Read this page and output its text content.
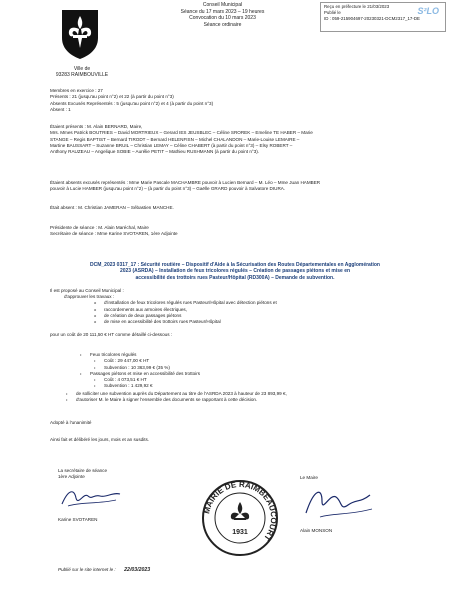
Conseil Municipal
Séance du 17 mars 2023 – 19 heures
Convocation du 10 mars 2023
Séance ordinaire
Reçu en préfecture le 21/03/2023
Publié le
ID : 059-215904697-20230321-DCM2317_17-DE
S²LO
Ville de
93283 RAIMBOUVILLE
Membres en exercice : 27
Présents : 21 (jusqu'au point n°2) et 22 (à partir du point n°3)
Absents Excusés Représentés : 5 (jusqu'au point n°2) et 4 (à partir du point n°3)
Absent : 1
Étaient présents : M. Alain BERNARD, Maire,
Mrs. Mmes Patrick BOUTRIES – David MORTRIEUX – Gerard IES JEUSBLEC – Céline SROREK – Emeline TE HABER – Marie
STANGE – Regis BAPTIST – Bernard TIRODT – Bernard HELENFISN – Michel CHALANDON – Marie-Louise LEMAIRE –
Martine BAUSSART – Suzanne BRUIL – Christian LEMAY – Céline CHABERT (à partir du point n°3) – Elsy ROBERT –
Anthony RAUZEAU – Angelique SOBIE – Aurélie PETIT – Mathieu RUSHMANN (à partir du point n°3).
Étaient absents excusés représentés : Mme Marie Pascale MACHAMBRE pouvoir à Lucien Bernard – M. Léo – Mme Juan HAMBER
pouvoir à Lucie HAMBER (jusqu'au point n°2) – (à partir du point n°3) – Gaëlle GRARD pouvoir à Salvatore DIURA.
Était absent : M. Christian JAMERAN – Sébastien MANCHE.
Présidente de séance : M. Alain Maréchal, Maire
Secrétaire de séance : Mme Karine SVOTAREN, 1ère Adjointe
DCM_2023 0317_17 : Sécurité routière – Dispositif d'Aide à la Sécurisation des Routes Départementales en Agglomération
2023 (ASRDA) – Installation de feux tricolores régulés – Création de passages piétons et mise en
accessibilité des trottoirs rues Pasteur/Hôpital (RD300A) – Demande de subvention.
Il est proposé au Conseil Municipal :
d'approuver les travaux :
o d'installation de feux tricolores régulés rues Pasteur/Hôpital avec détection piétons et
o raccordements aux armoires électriques,
o de création de deux passages piétons
o de mise en accessibilité des trottoirs rues Pasteur/Hôpital
pour un coût de 20 111,50 € HT comme détaillé ci-dessous :
• Feux tricolores régulés
• Coût : 29 447,00 € HT
• Subvention : 10 363,99 € (35 %)
• Passages piétons et mise en accessibilité des trottoirs
• Coût : 4 073,51 € HT
• Subvention : 1 429,92 €
• de solliciter une subvention auprès du Département au titre de l'ASRDA 2023 à hauteur de 23 893,99 €,
• d'autoriser M. le Maire à signer l'ensemble des documents se rapportant à cette décision.
Adopté à l'unanimité
Ainsi fait et délibéré les jours, mois et an susdits.
La secrétaire de séance
1ère Adjointe
Karine SVOTAREN
MAIRIE DE RAIMBEAUCOURT
1931
Le Maire
Alain MONSON
Publié sur le site internet le : 22/03/2023
